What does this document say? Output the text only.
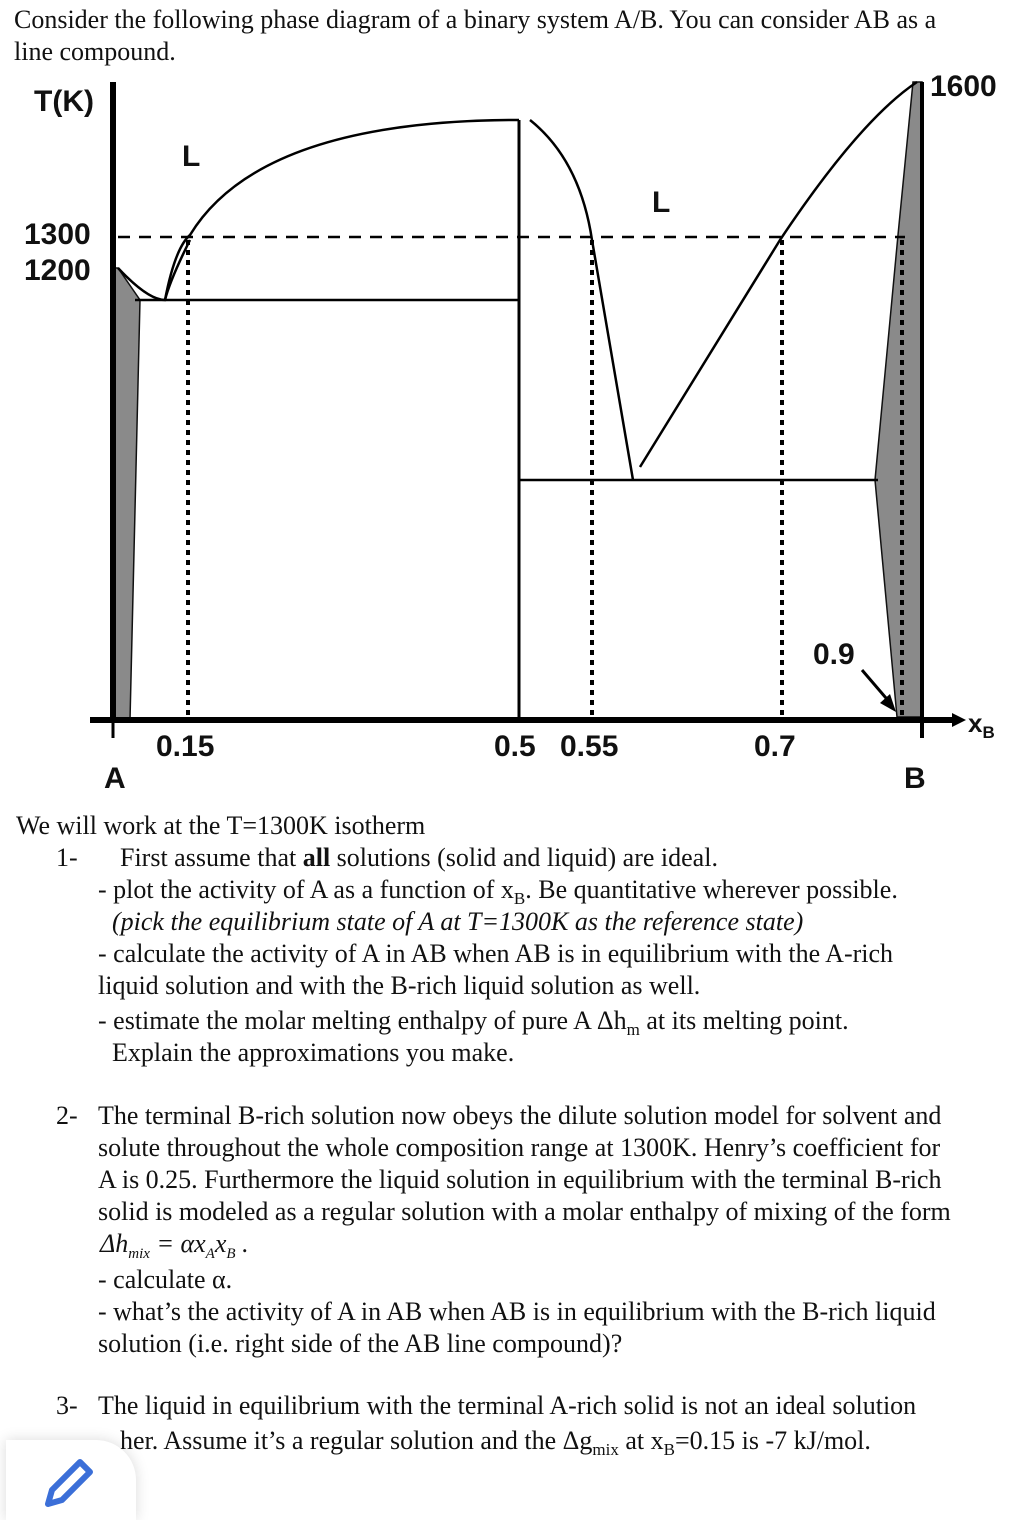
Consider the following phase diagram of a binary system A/B. You can consider AB as a
line compound.
T(K)	1600
1300
1200
L
L
0.15	0.5 0.55	0.7
0.9
A	B
$x_B$
We will work at the T=1300K isotherm
1- First assume that all solutions (solid and liquid) are ideal.
- plot the activity of A as a function of $x_B$. Be quantitative wherever possible.
(pick the equilibrium state of A at T=1300K as the reference state)
- calculate the activity of A in AB when AB is in equilibrium with the A-rich
liquid solution and with the B-rich liquid solution as well.
- estimate the molar melting enthalpy of pure A $\Delta h_m$ at its melting point.
Explain the approximations you make.
2- The terminal B-rich solution now obeys the dilute solution model for solvent and
solute throughout the whole composition range at 1300K. Henry’s coefficient for
A is 0.25. Furthermore the liquid solution in equilibrium with the terminal B-rich
solid is modeled as a regular solution with a molar enthalpy of mixing of the form
$\Delta h_{mix} = \alpha x_Ax_B$ .
- calculate α.
- what’s the activity of A in AB when AB is in equilibrium with the B-rich liquid
solution (i.e. right side of the AB line compound)?
3- The liquid in equilibrium with the terminal A-rich solid is not an ideal solution
her. Assume it’s a regular solution and the $\Delta g_{mix}$ at $x_B=0.15$ is -7 kJ/mol.
